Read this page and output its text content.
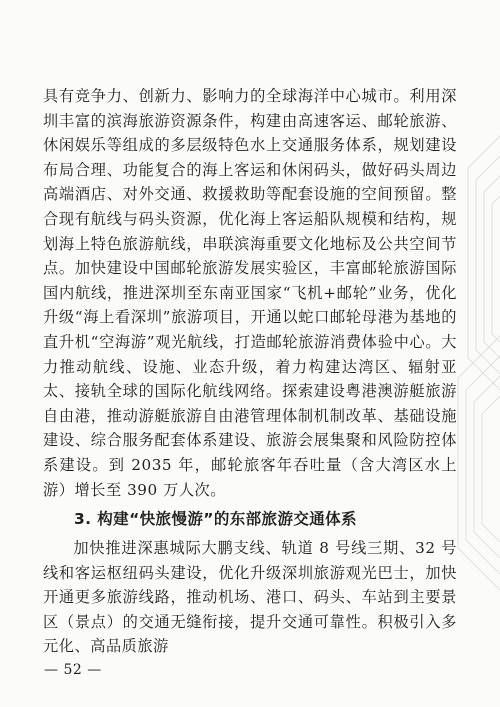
具有竞争力、创新力、影响力的全球海洋中心城市。利用深圳丰富的滨海旅游资源条件，构建由高速客运、邮轮旅游、休闲娱乐等组成的多层级特色水上交通服务体系，规划建设布局合理、功能复合的海上客运和休闲码头，做好码头周边高端酒店、对外交通、救援救助等配套设施的空间预留。整合现有航线与码头资源，优化海上客运船队规模和结构，规划海上特色旅游航线，串联滨海重要文化地标及公共空间节点。加快建设中国邮轮旅游发展实验区，丰富邮轮旅游国际国内航线，推进深圳至东南亚国家“飞机+邮轮”业务，优化升级“海上看深圳”旅游项目，开通以蛇口邮轮母港为基地的直升机“空海游”观光航线，打造邮轮旅游消费体验中心。大力推动航线、设施、业态升级，着力构建达湾区、辐射亚太、接轨全球的国际化航线网络。探索建设粤港澳游艇旅游自由港，推动游艇旅游自由港管理体制机制改革、基础设施建设、综合服务配套体系建设、旅游会展集聚和风险防控体系建设。到 2035 年，邮轮旅客年吞吐量（含大湾区水上游）增长至 390 万人次。

3. 构建“快旅慢游”的东部旅游交通体系

加快推进深惠城际大鹏支线、轨道 8 号线三期、32 号线和客运枢纽码头建设，优化升级深圳旅游观光巴士，加快开通更多旅游线路，推动机场、港口、码头、车站到主要景区（景点）的交通无缝衔接，提升交通可靠性。积极引入多元化、高品质旅游

— 52 —
